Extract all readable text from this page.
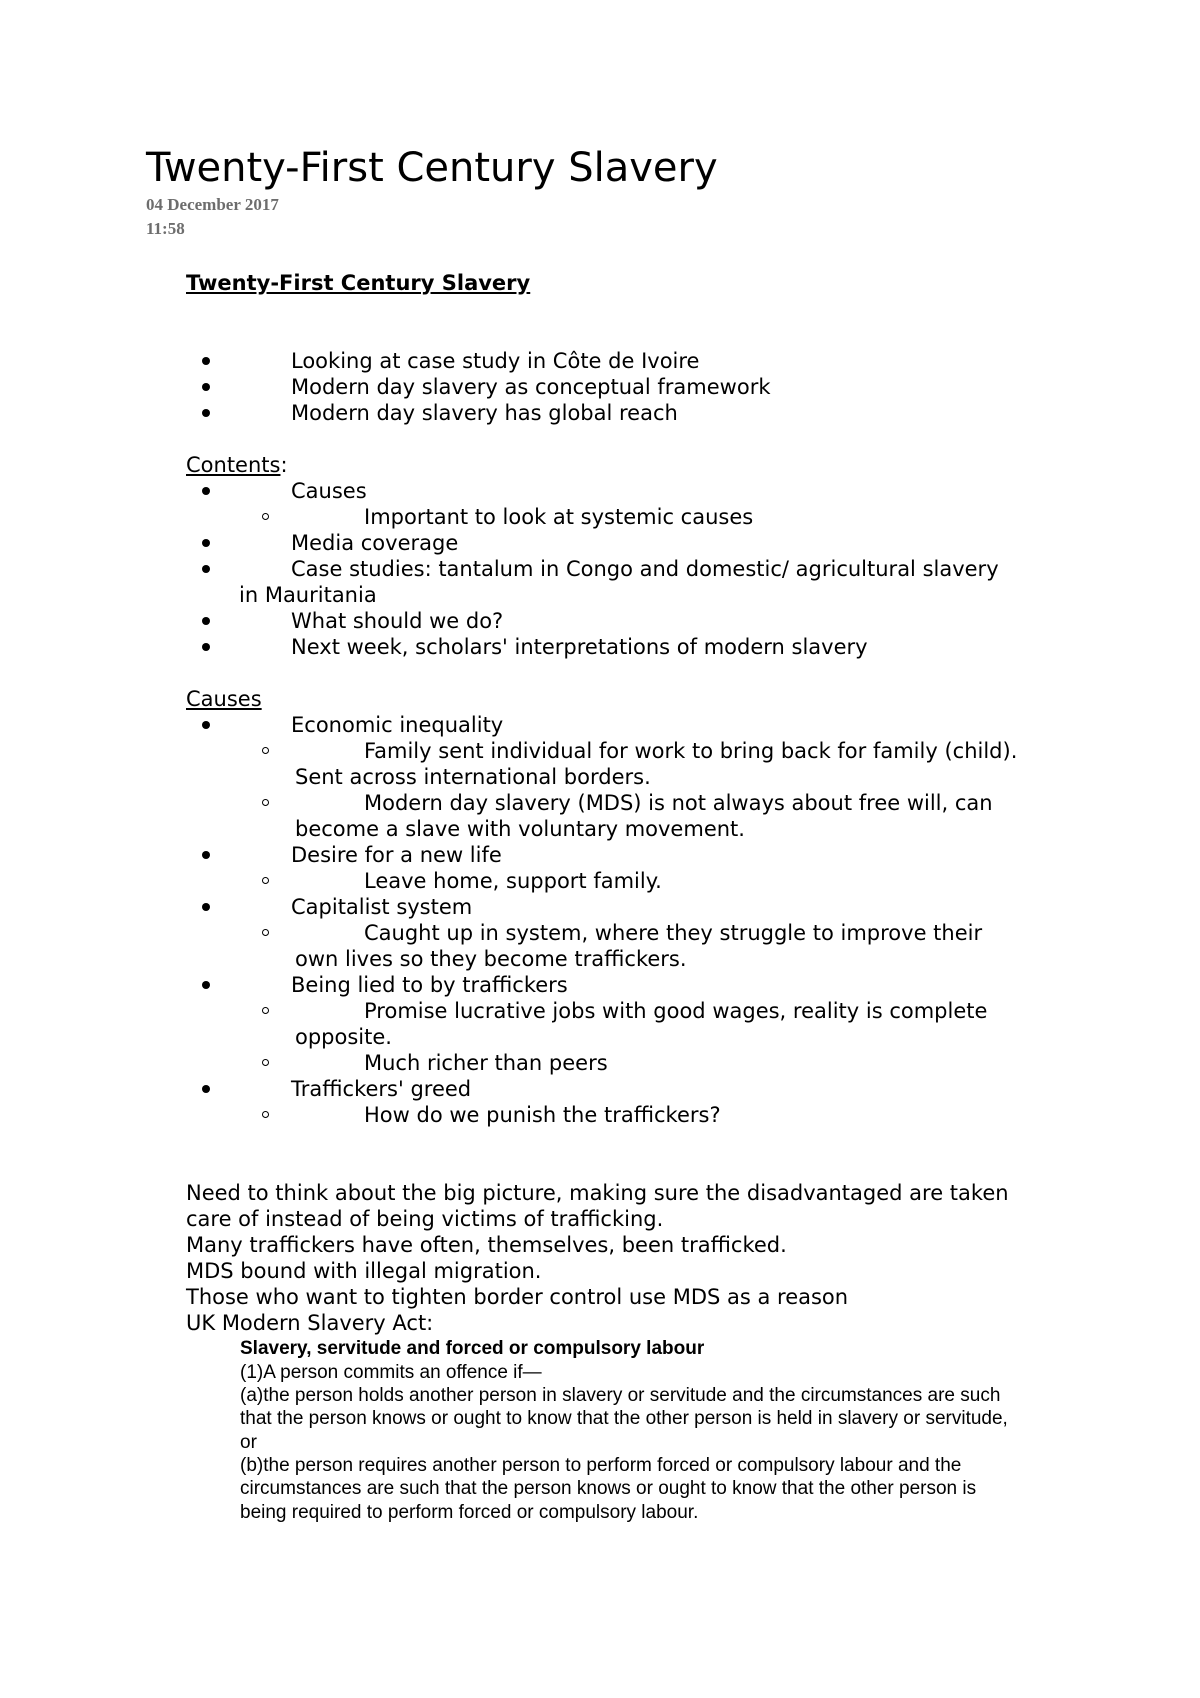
Twenty-First Century Slavery
04 December 2017
11:58
Twenty-First Century Slavery
Looking at case study in Côte de Ivoire
Modern day slavery as conceptual framework
Modern day slavery has global reach
Contents:
Causes
Important to look at systemic causes
Media coverage
Case studies: tantalum in Congo and domestic/ agricultural slavery
in Mauritania
What should we do?
Next week, scholars' interpretations of modern slavery
Causes
Economic inequality
Family sent individual for work to bring back for family (child).
Sent across international borders.
Modern day slavery (MDS) is not always about free will, can
become a slave with voluntary movement.
Desire for a new life
Leave home, support family.
Capitalist system
Caught up in system, where they struggle to improve their
own lives so they become traffickers.
Being lied to by traffickers
Promise lucrative jobs with good wages, reality is complete
opposite.
Much richer than peers
Traffickers' greed
How do we punish the traffickers?
Need to think about the big picture, making sure the disadvantaged are taken
care of instead of being victims of trafficking.
Many traffickers have often, themselves, been trafficked.
MDS bound with illegal migration.
Those who want to tighten border control use MDS as a reason
UK Modern Slavery Act:
Slavery, servitude and forced or compulsory labour
(1)A person commits an offence if—
(a)the person holds another person in slavery or servitude and the circumstances are such
that the person knows or ought to know that the other person is held in slavery or servitude,
or
(b)the person requires another person to perform forced or compulsory labour and the
circumstances are such that the person knows or ought to know that the other person is
being required to perform forced or compulsory labour.
